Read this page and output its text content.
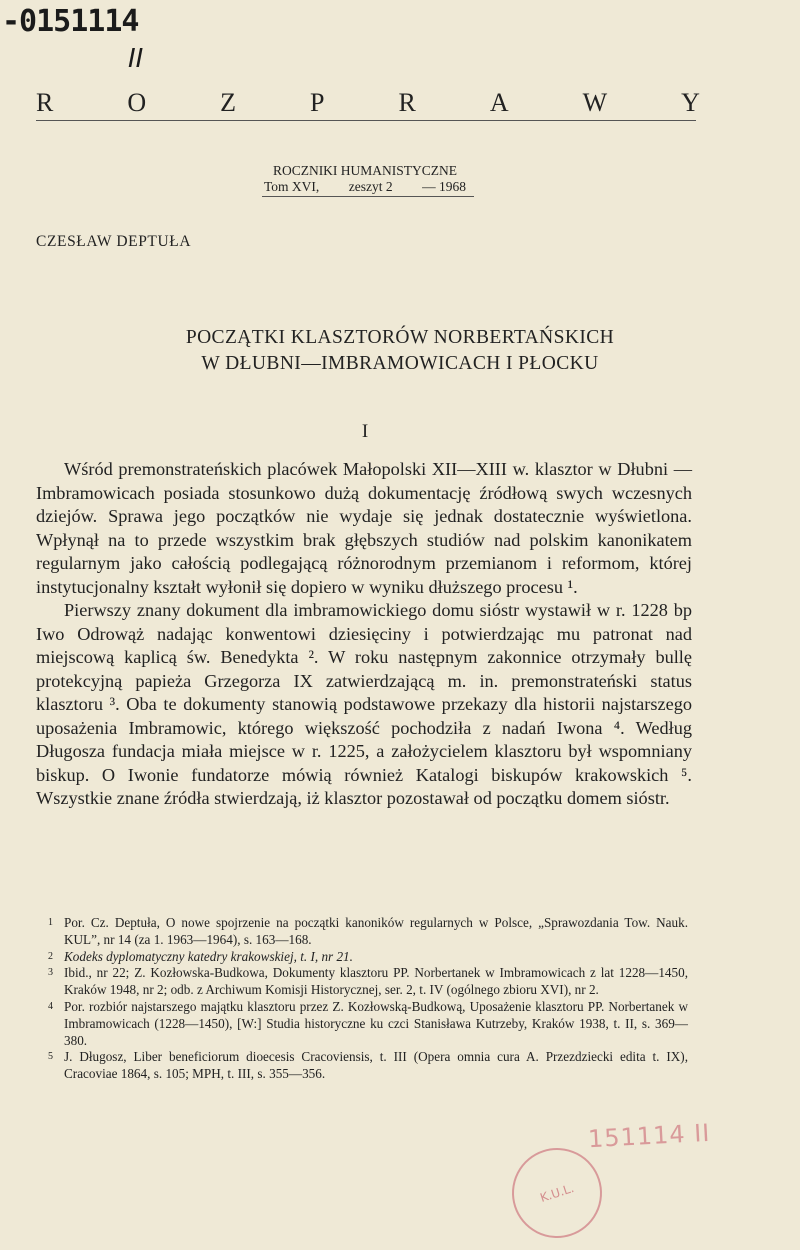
-0151114
II
R	O	Z	P	R	A	W	Y
ROCZNIKI HUMANISTYCZNE
Tom XVI, zeszyt 2 — 1968
CZESŁAW DEPTUŁA
POCZĄTKI KLASZTORÓW NORBERTAŃSKICH
W DŁUBNI—IMBRAMOWICACH I PŁOCKU
I

Wśród premonstrateńskich placówek Małopolski XII—XIII w. klasztor w Dłubni — Imbramowicach posiada stosunkowo dużą dokumentację źródłową swych wczesnych dziejów. Sprawa jego początków nie wydaje się jednak dostatecznie wyświetlona. Wpłynął na to przede wszystkim brak głębszych studiów nad polskim kanonikatem regularnym jako całością podlegającą różnorodnym przemianom i reformom, której instytucjonalny kształt wyłonił się dopiero w wyniku dłuższego procesu ¹.

Pierwszy znany dokument dla imbramowickiego domu sióstr wystawił w r. 1228 bp Iwo Odrowąż nadając konwentowi dziesięciny i potwierdzając mu patronat nad miejscową kaplicą św. Benedykta ². W roku następnym zakonnice otrzymały bullę protekcyjną papieża Grzegorza IX zatwierdzającą m. in. premonstrateński status klasztoru ³. Oba te dokumenty stanowią podstawowe przekazy dla historii najstarszego uposażenia Imbramowic, którego większość pochodziła z nadań Iwona ⁴. Według Długosza fundacja miała miejsce w r. 1225, a założycielem klasztoru był wspomniany biskup. O Iwonie fundatorze mówią również Katalogi biskupów krakowskich ⁵. Wszystkie znane źródła stwierdzają, iż klasztor pozostawał od początku domem sióstr.

1 Por. Cz. Deptuła, O nowe spojrzenie na początki kanoników regularnych w Polsce, „Sprawozdania Tow. Nauk. KUL”, nr 14 (za 1. 1963—1964), s. 163—168.
2 Kodeks dyplomatyczny katedry krakowskiej, t. I, nr 21.
3 Ibid., nr 22; Z. Kozłowska-Budkowa, Dokumenty klasztoru PP. Norbertanek w Imbramowicach z lat 1228—1450, Kraków 1948, nr 2; odb. z Archiwum Komisji Historycznej, ser. 2, t. IV (ogólnego zbioru XVI), nr 2.
4 Por. rozbiór najstarszego majątku klasztoru przez Z. Kozłowską-Budkową, Uposażenie klasztoru PP. Norbertanek w Imbramowicach (1228—1450), [W:] Studia historyczne ku czci Stanisława Kutrzeby, Kraków 1938, t. II, s. 369—380.
5 J. Długosz, Liber beneficiorum dioecesis Cracoviensis, t. III (Opera omnia cura A. Przezdziecki edita t. IX), Cracoviae 1864, s. 105; MPH, t. III, s. 355—356.
151114 II
K.U.L.
